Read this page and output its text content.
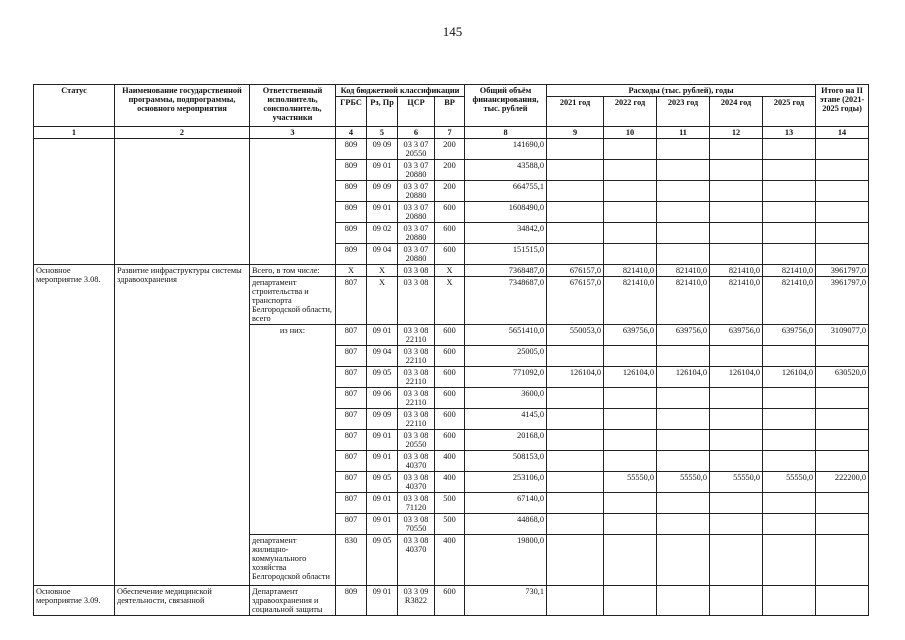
145
Статус	Наименование государственной программы, подпрограммы, основного мероприятия	Ответственный исполнитель, соисполнитель, участники	Код бюджетной классификации				Общий объём финансирования, тыс. рублей	Расходы (тыс. рублей), годы					Итого на II этапе (2021-2025 годы)
			ГРБС	Рз, Пр	ЦСР	ВР		2021 год	2022 год	2023 год	2024 год	2025 год	
1	2	3	4	5	6	7	8	9	10	11	12	13	14
			809	09 09	03 3 07 20550	200	141690,0						
			809	09 01	03 3 07 20880	200	43588,0						
			809	09 09	03 3 07 20880	200	664755,1						
			809	09 01	03 3 07 20880	600	1608490,0						
			809	09 02	03 3 07 20880	600	34842,0						
			809	09 04	03 3 07 20880	600	151515,0						
Основное мероприятие 3.08.	Развитие инфраструктуры системы здравоохранения	Всего, в том числе:	Х	Х	03 3 08	Х	7368487,0	676157,0	821410,0	821410,0	821410,0	821410,0	3961797,0
		департамент строительства и транспорта Белгородской области, всего	807	Х	03 3 08	Х	7348687,0	676157,0	821410,0	821410,0	821410,0	821410,0	3961797,0
		из них:	807	09 01	03 3 08 22110	600	5651410,0	550053,0	639756,0	639756,0	639756,0	639756,0	3109077,0
			807	09 04	03 3 08 22110	600	25005,0						
			807	09 05	03 3 08 22110	600	771092,0	126104,0	126104,0	126104,0	126104,0	126104,0	630520,0
			807	09 06	03 3 08 22110	600	3600,0						
			807	09 09	03 3 08 22110	600	4145,0						
			807	09 01	03 3 08 20550	600	20168,0						
			807	09 01	03 3 08 40370	400	508153,0						
			807	09 05	03 3 08 40370	400	253106,0		55550,0	55550,0	55550,0	55550,0	222200,0
			807	09 01	03 3 08 71120	500	67140,0						
			807	09 01	03 3 08 70550	500	44868,0						
		департамент жилищно-коммунального хозяйства Белгородской области	830	09 05	03 3 08 40370	400	19800,0						
Основное мероприятие 3.09.	Обеспечение медицинской деятельности, связанной	Департамент здравоохранения и социальной защиты	809	09 01	03 3 09 R3822	600	730,1						
